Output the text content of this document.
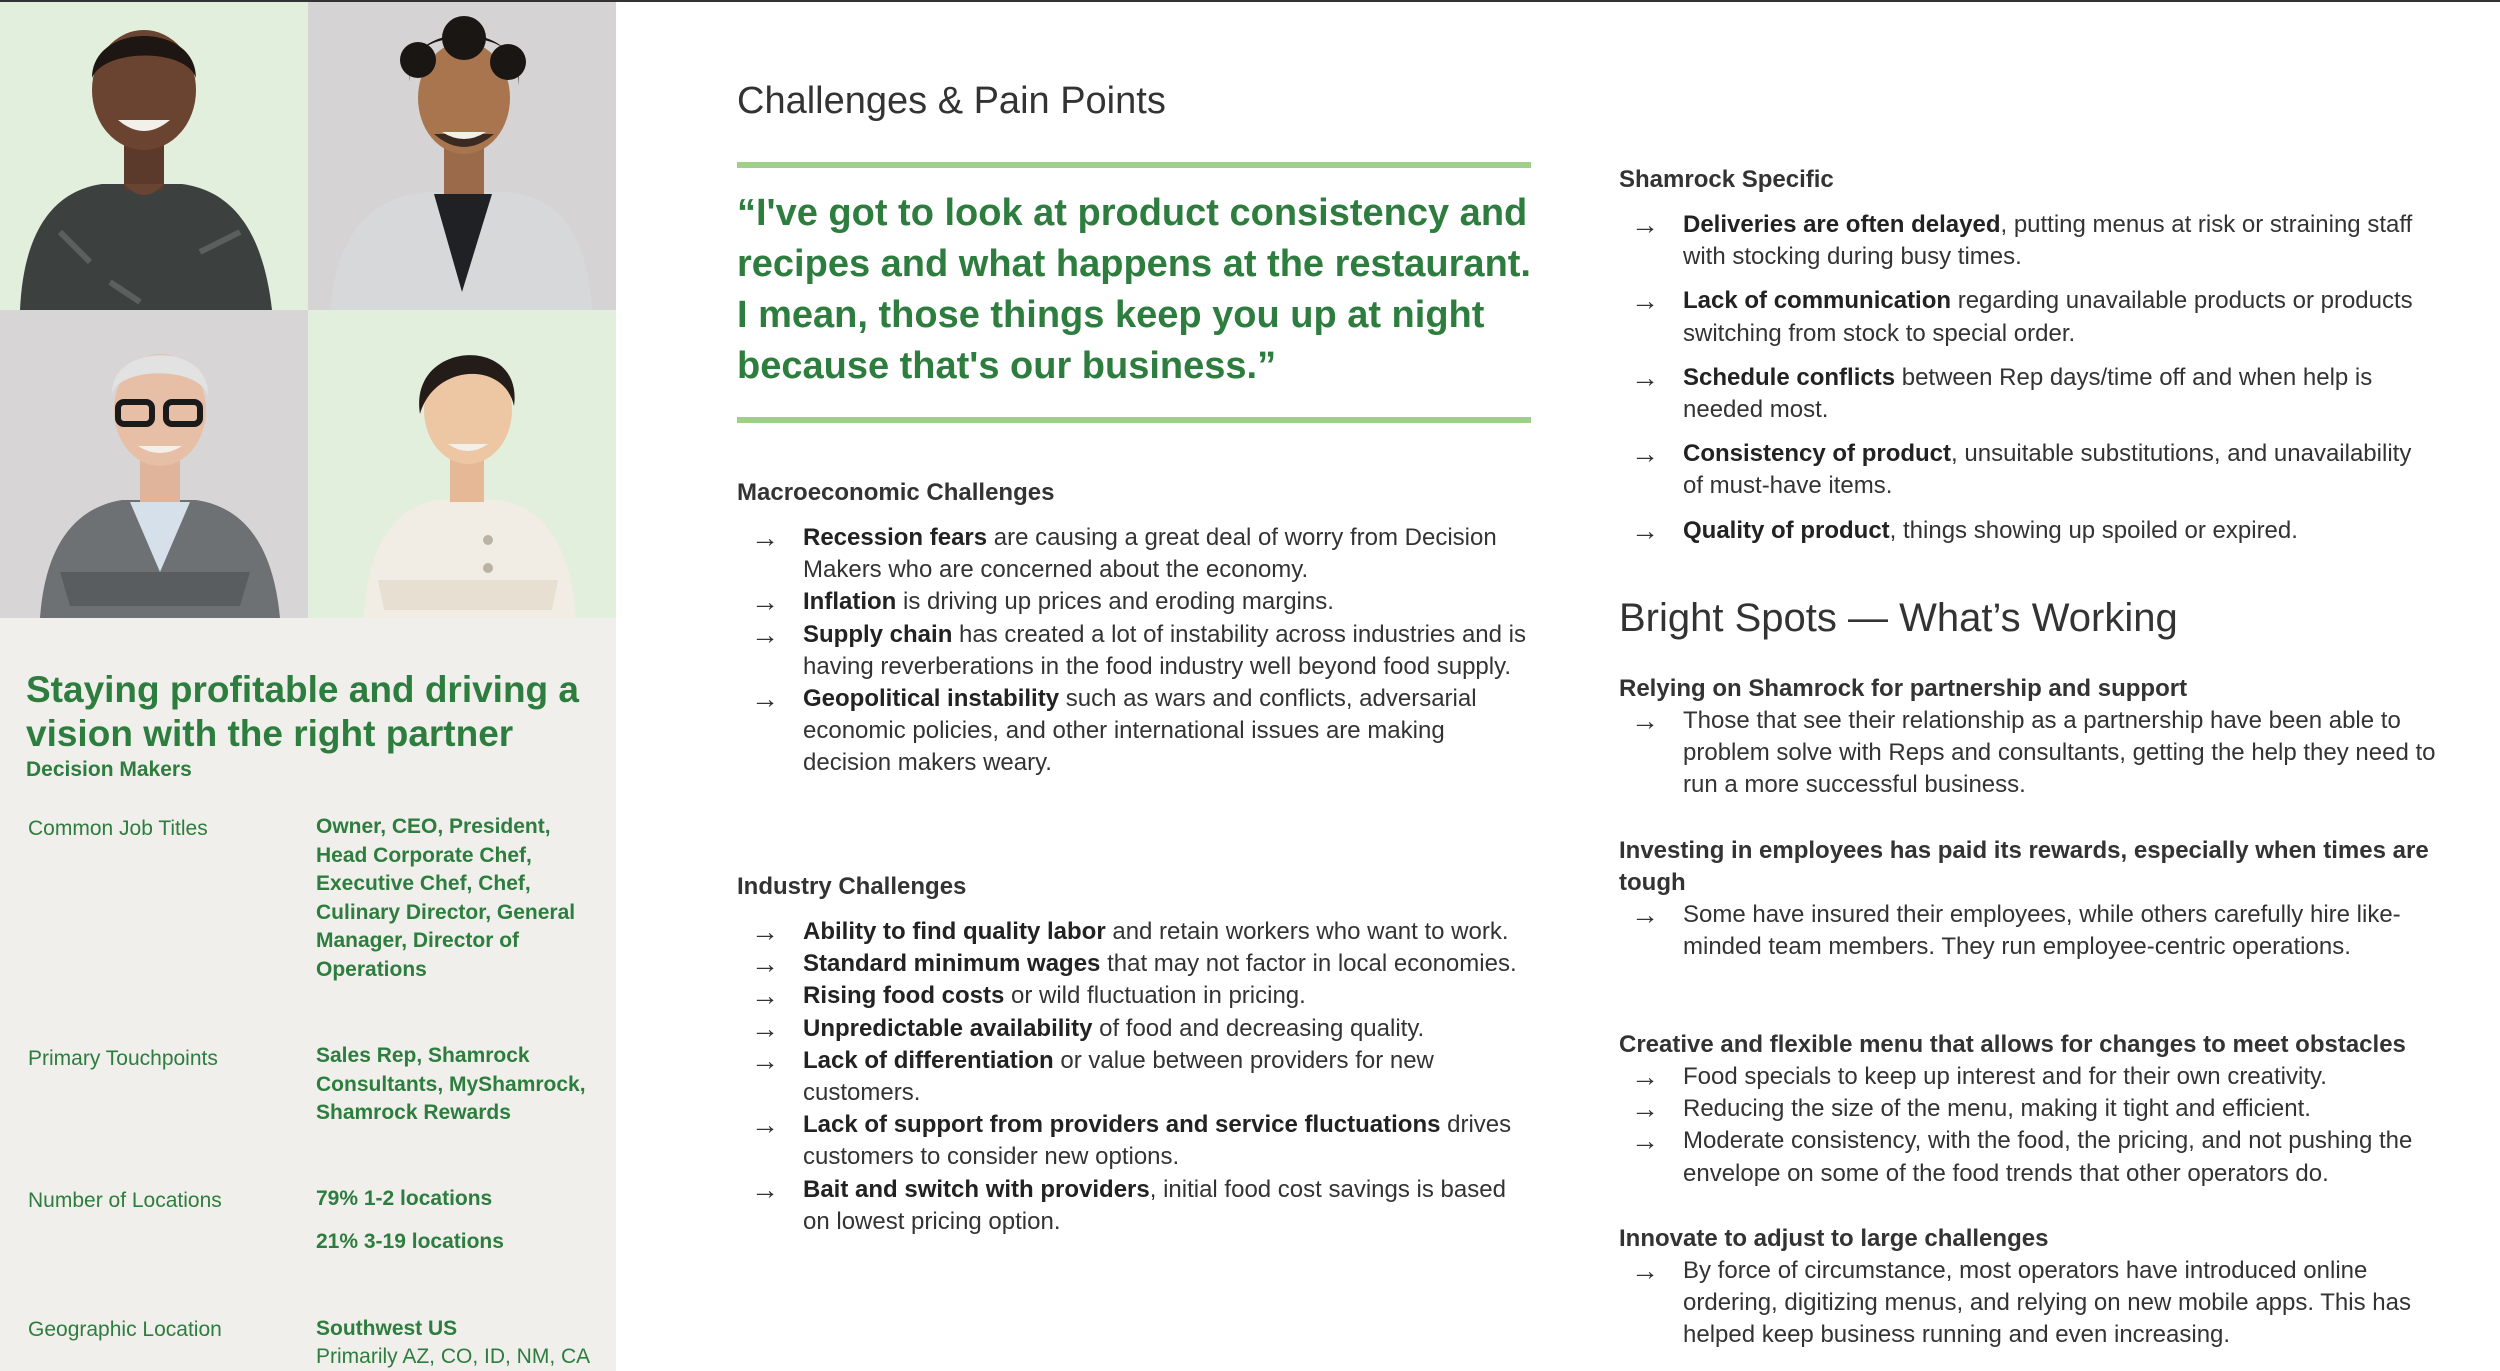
Staying profitable and driving a vision with the right partner
Decision Makers
Common Job Titles	Owner, CEO, President, Head Corporate Chef, Executive Chef, Chef, Culinary Director, General Manager, Director of Operations
Primary Touchpoints	Sales Rep, Shamrock Consultants, MyShamrock, Shamrock Rewards
Number of Locations	79% 1-2 locations
21% 3-19 locations
Geographic Location	Southwest US
Primarily AZ, CO, ID, NM, CA
Challenges & Pain Points

“I've got to look at product consistency and recipes and what happens at the restaurant. I mean, those things keep you up at night because that's our business.”

Macroeconomic Challenges
→ Recession fears are causing a great deal of worry from Decision Makers who are concerned about the economy.
→ Inflation is driving up prices and eroding margins.
→ Supply chain has created a lot of instability across industries and is having reverberations in the food industry well beyond food supply.
→ Geopolitical instability such as wars and conflicts, adversarial economic policies, and other international issues are making decision makers weary.
Industry Challenges
→ Ability to find quality labor and retain workers who want to work.
→ Standard minimum wages that may not factor in local economies.
→ Rising food costs or wild fluctuation in pricing.
→ Unpredictable availability of food and decreasing quality.
→ Lack of differentiation or value between providers for new customers.
→ Lack of support from providers and service fluctuations drives customers to consider new options.
→ Bait and switch with providers, initial food cost savings is based on lowest pricing option.
Shamrock Specific
→ Deliveries are often delayed, putting menus at risk or straining staff with stocking during busy times.
→ Lack of communication regarding unavailable products or products switching from stock to special order.
→ Schedule conflicts between Rep days/time off and when help is needed most.
→ Consistency of product, unsuitable substitutions, and unavailability of must-have items.
→ Quality of product, things showing up spoiled or expired.
Bright Spots — What’s Working
Relying on Shamrock for partnership and support
→ Those that see their relationship as a partnership have been able to problem solve with Reps and consultants, getting the help they need to run a more successful business.
Investing in employees has paid its rewards, especially when times are tough
→ Some have insured their employees, while others carefully hire like-minded team members. They run employee-centric operations.
Creative and flexible menu that allows for changes to meet obstacles
→ Food specials to keep up interest and for their own creativity.
→ Reducing the size of the menu, making it tight and efficient.
→ Moderate consistency, with the food, the pricing, and not pushing the envelope on some of the food trends that other operators do.
Innovate to adjust to large challenges
→ By force of circumstance, most operators have introduced online ordering, digitizing menus, and relying on new mobile apps. This has helped keep business running and even increasing.
